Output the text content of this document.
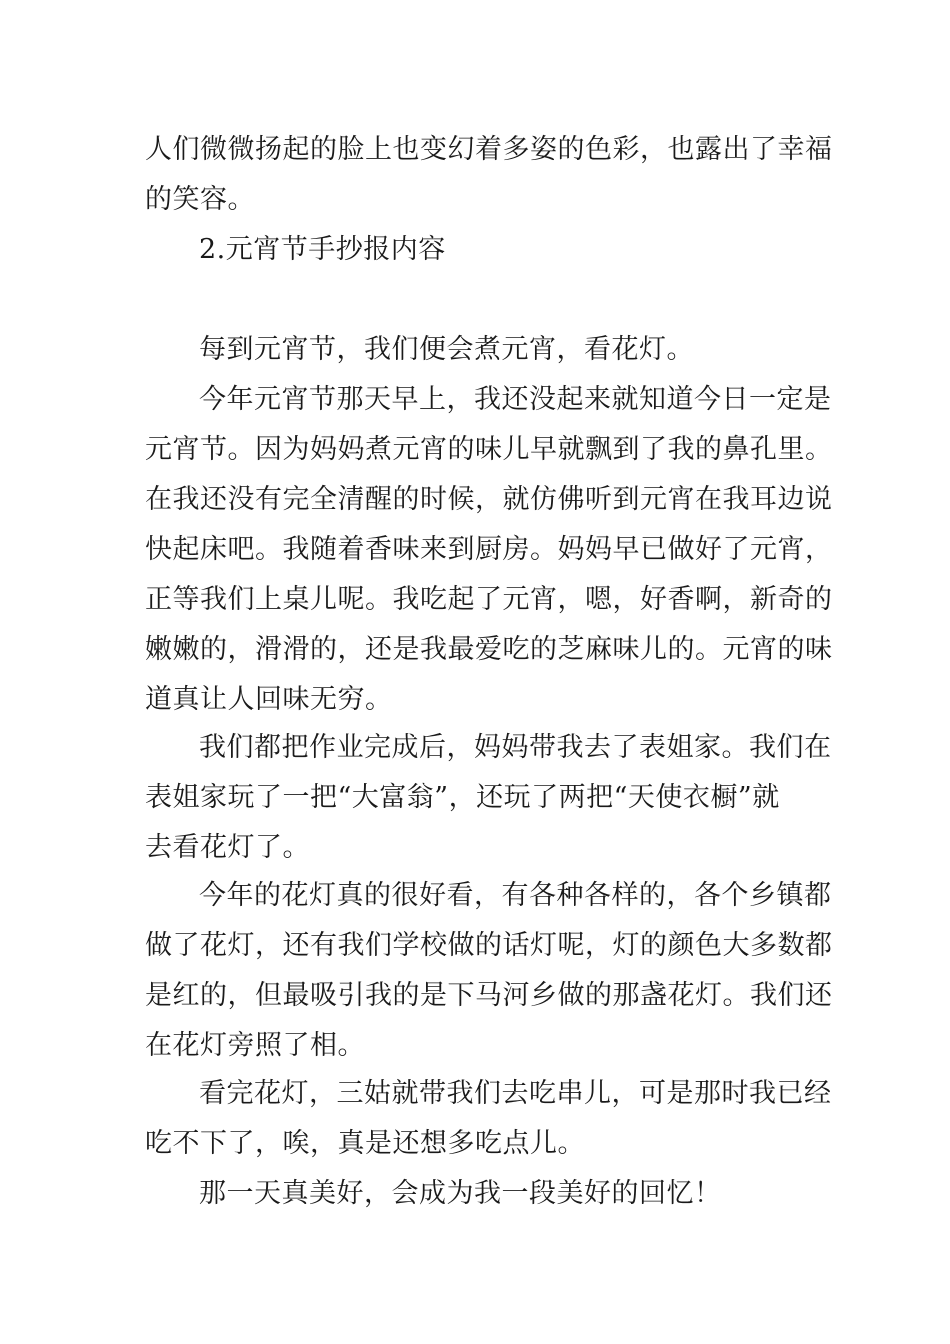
人们微微扬起的脸上也变幻着多姿的色彩，也露出了幸福
的笑容。

2.元宵节手抄报内容

每到元宵节，我们便会煮元宵，看花灯。

今年元宵节那天早上，我还没起来就知道今日一定是
元宵节。因为妈妈煮元宵的味儿早就飘到了我的鼻孔里。
在我还没有完全清醒的时候，就仿佛听到元宵在我耳边说
快起床吧。我随着香味来到厨房。妈妈早已做好了元宵，
正等我们上桌儿呢。我吃起了元宵，嗯，好香啊，新奇的
嫩嫩的，滑滑的，还是我最爱吃的芝麻味儿的。元宵的味
道真让人回味无穷。

我们都把作业完成后，妈妈带我去了表姐家。我们在
表姐家玩了一把“大富翁”，还玩了两把“天使衣橱”就
去看花灯了。

今年的花灯真的很好看，有各种各样的，各个乡镇都
做了花灯，还有我们学校做的话灯呢，灯的颜色大多数都
是红的，但最吸引我的是下马河乡做的那盏花灯。我们还
在花灯旁照了相。

看完花灯，三姑就带我们去吃串儿，可是那时我已经
吃不下了，唉，真是还想多吃点儿。

那一天真美好，会成为我一段美好的回忆！
